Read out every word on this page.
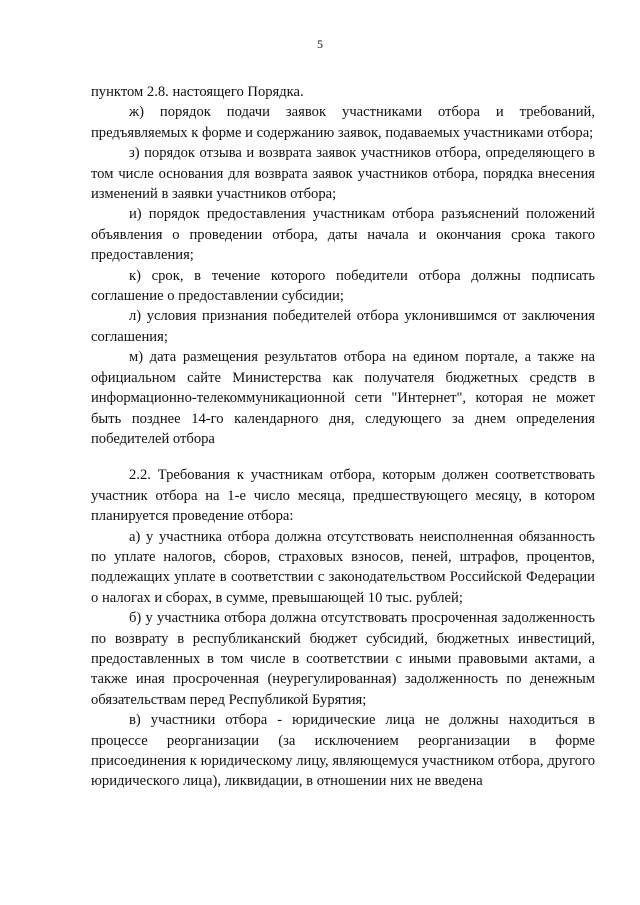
5

пунктом 2.8. настоящего Порядка.

ж) порядок подачи заявок участниками отбора и требований, предъявляемых к форме и содержанию заявок, подаваемых участниками отбора;

з) порядок отзыва и возврата заявок участников отбора, определяющего в том числе основания для возврата заявок участников отбора, порядка внесения изменений в заявки участников отбора;

и) порядок предоставления участникам отбора разъяснений положений объявления о проведении отбора, даты начала и окончания срока такого предоставления;

к) срок, в течение которого победители отбора должны подписать соглашение о предоставлении субсидии;

л) условия признания победителей отбора уклонившимся от заключения соглашения;

м) дата размещения результатов отбора на едином портале, а также на официальном сайте Министерства как получателя бюджетных средств в информационно-телекоммуникационной сети "Интернет", которая не может быть позднее 14-го календарного дня, следующего за днем определения победителей отбора

2.2. Требования к участникам отбора, которым должен соответствовать участник отбора на 1-е число месяца, предшествующего месяцу, в котором планируется проведение отбора:

а) у участника отбора должна отсутствовать неисполненная обязанность по уплате налогов, сборов, страховых взносов, пеней, штрафов, процентов, подлежащих уплате в соответствии с законодательством Российской Федерации о налогах и сборах, в сумме, превышающей 10 тыс. рублей;

б) у участника отбора должна отсутствовать просроченная задолженность по возврату в республиканский бюджет субсидий, бюджетных инвестиций, предоставленных в том числе в соответствии с иными правовыми актами, а также иная просроченная (неурегулированная) задолженность по денежным обязательствам перед Республикой Бурятия;

в) участники отбора - юридические лица не должны находиться в процессе реорганизации (за исключением реорганизации в форме присоединения к юридическому лицу, являющемуся участником отбора, другого юридического лица), ликвидации, в отношении них не введена
